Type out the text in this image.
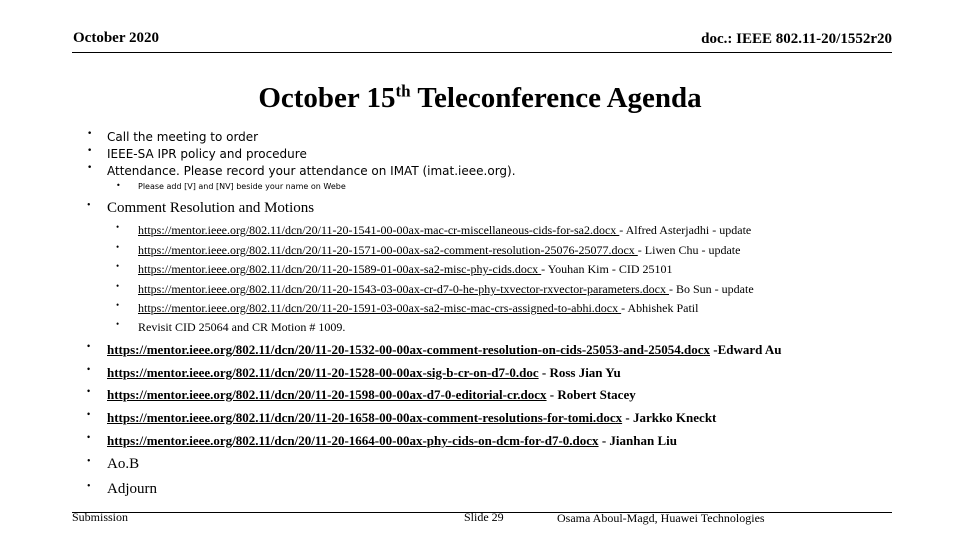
October 2020	doc.: IEEE 802.11-20/1552r20
October 15th Teleconference Agenda
• Call the meeting to order
• IEEE-SA IPR policy and procedure
• Attendance. Please record your attendance on IMAT (imat.ieee.org).
• Please add [V] and [NV] beside your name on Webe
• Comment Resolution and Motions
• https://mentor.ieee.org/802.11/dcn/20/11-20-1541-00-00ax-mac-cr-miscellaneous-cids-for-sa2.docx - Alfred Asterjadhi - update
• https://mentor.ieee.org/802.11/dcn/20/11-20-1571-00-00ax-sa2-comment-resolution-25076-25077.docx - Liwen Chu - update
• https://mentor.ieee.org/802.11/dcn/20/11-20-1589-01-00ax-sa2-misc-phy-cids.docx - Youhan Kim - CID 25101
• https://mentor.ieee.org/802.11/dcn/20/11-20-1543-03-00ax-cr-d7-0-he-phy-txvector-rxvector-parameters.docx - Bo Sun - update
• https://mentor.ieee.org/802.11/dcn/20/11-20-1591-03-00ax-sa2-misc-mac-crs-assigned-to-abhi.docx - Abhishek Patil
• Revisit CID 25064 and CR Motion # 1009.
• https://mentor.ieee.org/802.11/dcn/20/11-20-1532-00-00ax-comment-resolution-on-cids-25053-and-25054.docx -Edward Au
• https://mentor.ieee.org/802.11/dcn/20/11-20-1528-00-00ax-sig-b-cr-on-d7-0.doc - Ross Jian Yu
• https://mentor.ieee.org/802.11/dcn/20/11-20-1598-00-00ax-d7-0-editorial-cr.docx - Robert Stacey
• https://mentor.ieee.org/802.11/dcn/20/11-20-1658-00-00ax-comment-resolutions-for-tomi.docx - Jarkko Kneckt
• https://mentor.ieee.org/802.11/dcn/20/11-20-1664-00-00ax-phy-cids-on-dcm-for-d7-0.docx - Jianhan Liu
• Ao.B
• Adjourn
Submission	Slide 29	Osama Aboul-Magd, Huawei Technologies
